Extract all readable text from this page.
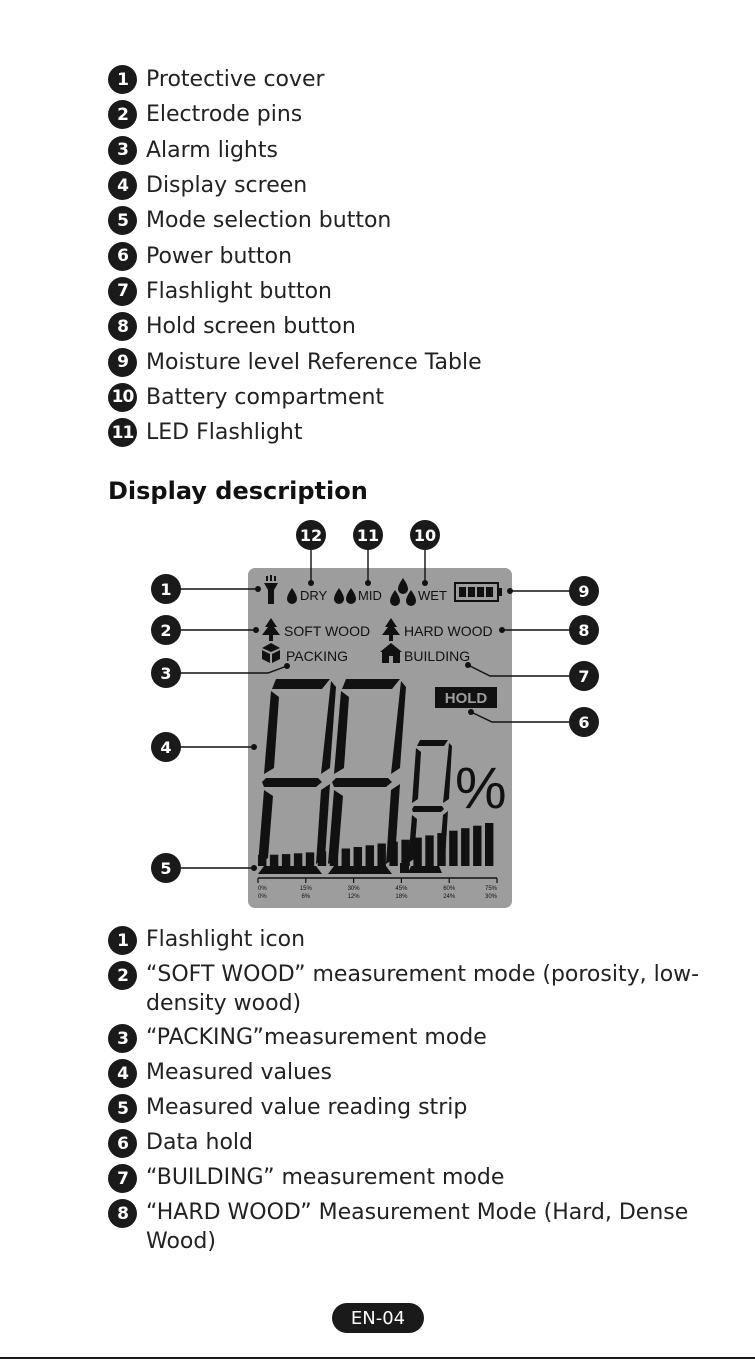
1 Protective cover
2 Electrode pins
3 Alarm lights
4 Display screen
5 Mode selection button
6 Power button
7 Flashlight button
8 Hold screen button
9 Moisture level Reference Table
10 Battery compartment
11 LED Flashlight
Display description
12 11 10
1
2
3
4
5
9
8
7
6
DRY MID	WET
SOFT WOOD HARD WOOD
PACKING	BUILDING
HOLD
%
0%
0%
15%
6%
30%
12%
45%
18%
60%
24%
75%
30%
1 Flashlight icon
2 “SOFT WOOD” measurement mode (porosity, low-density wood)
3 “PACKING”measurement mode
4 Measured values
5 Measured value reading strip
6 Data hold
7 “BUILDING” measurement mode
8 “HARD WOOD” Measurement Mode (Hard, Dense Wood)
EN-04
